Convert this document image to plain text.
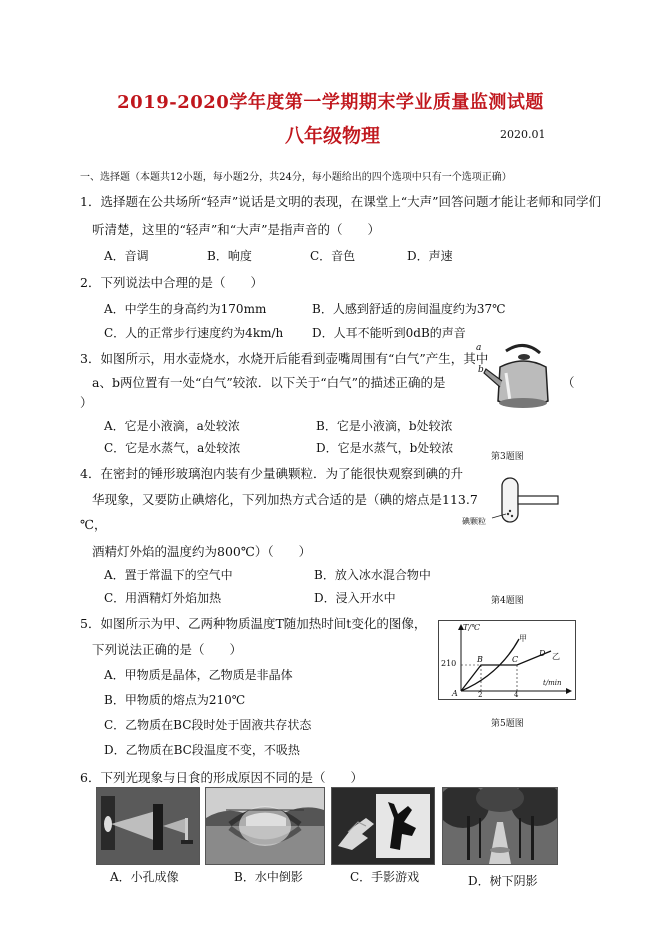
2019-2020学年度第一学期期末学业质量监测试题
八年级物理	2020.01
一、选择题（本题共12小题，每小题2分，共24分，每小题给出的四个选项中只有一个选项正确）
1．选择题在公共场所“轻声”说话是文明的表现，在课堂上“大声”回答问题才能让老师和同学们
听清楚，这里的“轻声”和“大声”是指声音的（　　）
A．音调	B．响度	C．音色	D．声速
2．下列说法中合理的是（　　）
A．中学生的身高约为170mm	B．人感到舒适的房间温度约为37℃
C．人的正常步行速度约为4km/h D．人耳不能听到0dB的声音
3．如图所示，用水壶烧水，水烧开后能看到壶嘴周围有“白气”产生，其中
a、b两位置有一处“白气”较浓．以下关于“白气”的描述正确的是	（
）
A．它是小液滴，a处较浓	B．它是小液滴，b处较浓
C．它是水蒸气，a处较浓	D．它是水蒸气，b处较浓
a
b
第3题图
4．在密封的锤形玻璃泡内装有少量碘颗粒．为了能很快观察到碘的升
华现象，又要防止碘熔化，下列加热方式合适的是（碘的熔点是113.7
℃，
酒精灯外焰的温度约为800℃）（　　）
A．置于常温下的空气中	B．放入冰水混合物中
C．用酒精灯外焰加热	D．浸入开水中
碘颗粒
第4题图
5．如图所示为甲、乙两种物质温度T随加热时间t变化的图像，
下列说法正确的是（　　）
A．甲物质是晶体，乙物质是非晶体
B．甲物质的熔点为210℃
C．乙物质在BC段时处于固液共存状态
D．乙物质在BC段温度不变，不吸热
T/℃
t/min
210
2	4
A
B	C
D
甲
乙
第5题图
6．下列光现象与日食的形成原因不同的是（　　）
A．小孔成像	B．水中倒影	C．手影游戏	D．树下阴影
